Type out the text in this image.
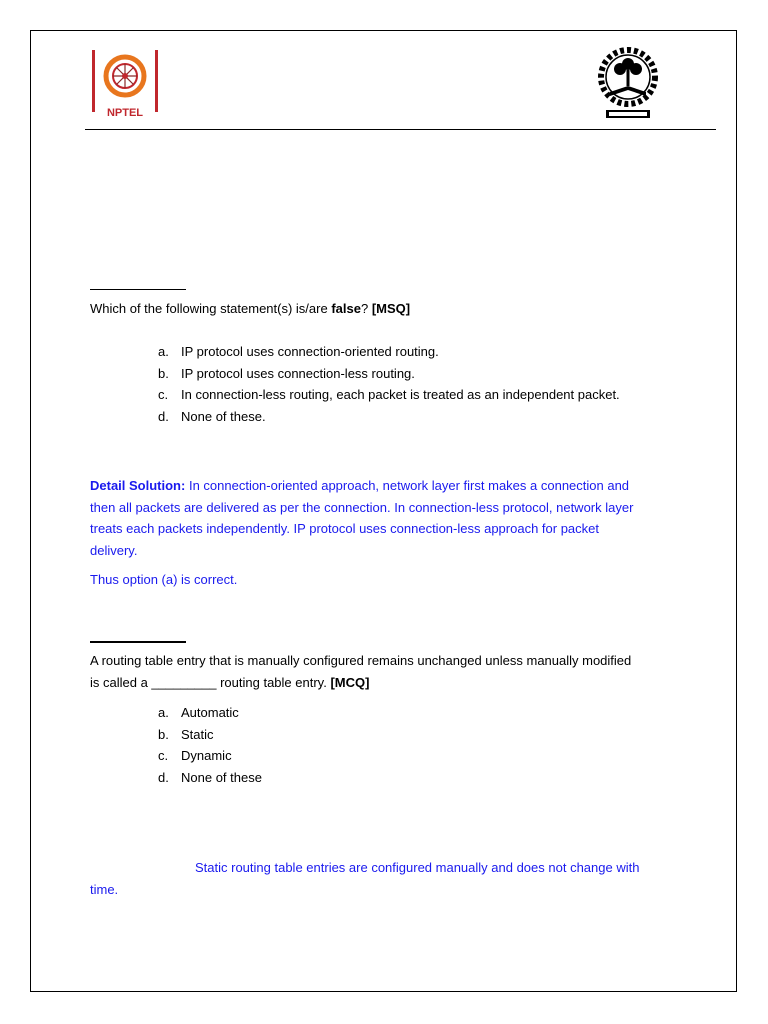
NPTEL
Which of the following statement(s) is/are false? [MSQ]
a. IP protocol uses connection-oriented routing.
b. IP protocol uses connection-less routing.
c. In connection-less routing, each packet is treated as an independent packet.
d. None of these.
Detail Solution: In connection-oriented approach, network layer first makes a connection and
then all packets are delivered as per the connection. In connection-less protocol, network layer
treats each packets independently. IP protocol uses connection-less approach for packet
delivery.
Thus option (a) is correct.
A routing table entry that is manually configured remains unchanged unless manually modified
is called a _________ routing table entry. [MCQ]
a. Automatic
b. Static
c. Dynamic
d. None of these
Static routing table entries are configured manually and does not change with
time.
